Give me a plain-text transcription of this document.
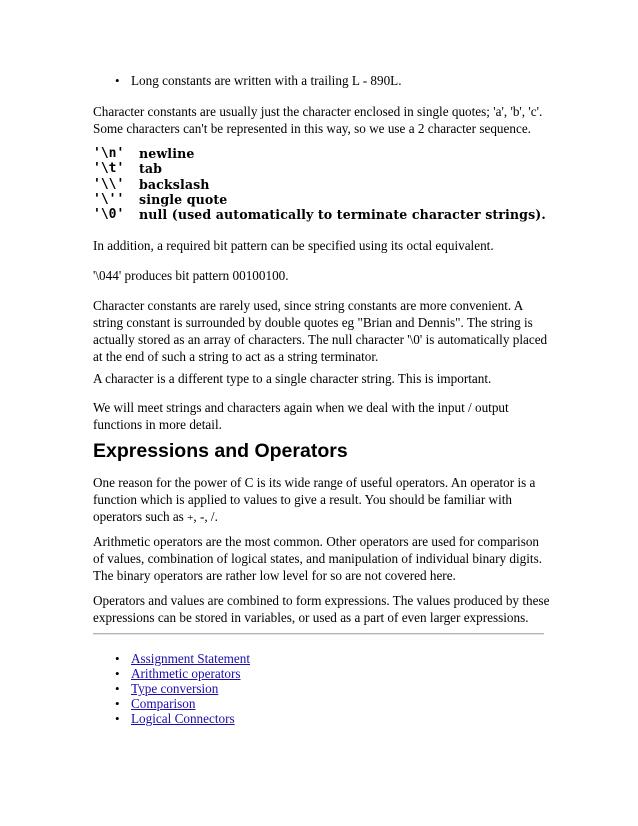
• Long constants are written with a trailing L - 890L.

Character constants are usually just the character enclosed in single quotes; 'a', 'b', 'c'. Some characters can't be represented in this way, so we use a 2 character sequence.

'\n'	newline
'\t'	tab
'\\'	backslash
'\''	single quote
'\0'	null (used automatically to terminate character strings).

In addition, a required bit pattern can be specified using its octal equivalent.

'\044' produces bit pattern 00100100.

Character constants are rarely used, since string constants are more convenient. A string constant is surrounded by double quotes eg "Brian and Dennis". The string is actually stored as an array of characters. The null character '\0' is automatically placed at the end of such a string to act as a string terminator.

A character is a different type to a single character string. This is important.

We will meet strings and characters again when we deal with the input / output functions in more detail.

Expressions and Operators

One reason for the power of C is its wide range of useful operators. An operator is a function which is applied to values to give a result. You should be familiar with operators such as +, -, /.

Arithmetic operators are the most common. Other operators are used for comparison of values, combination of logical states, and manipulation of individual binary digits. The binary operators are rather low level for so are not covered here.

Operators and values are combined to form expressions. The values produced by these expressions can be stored in variables, or used as a part of even larger expressions.

• Assignment Statement
• Arithmetic operators
• Type conversion
• Comparison
• Logical Connectors
